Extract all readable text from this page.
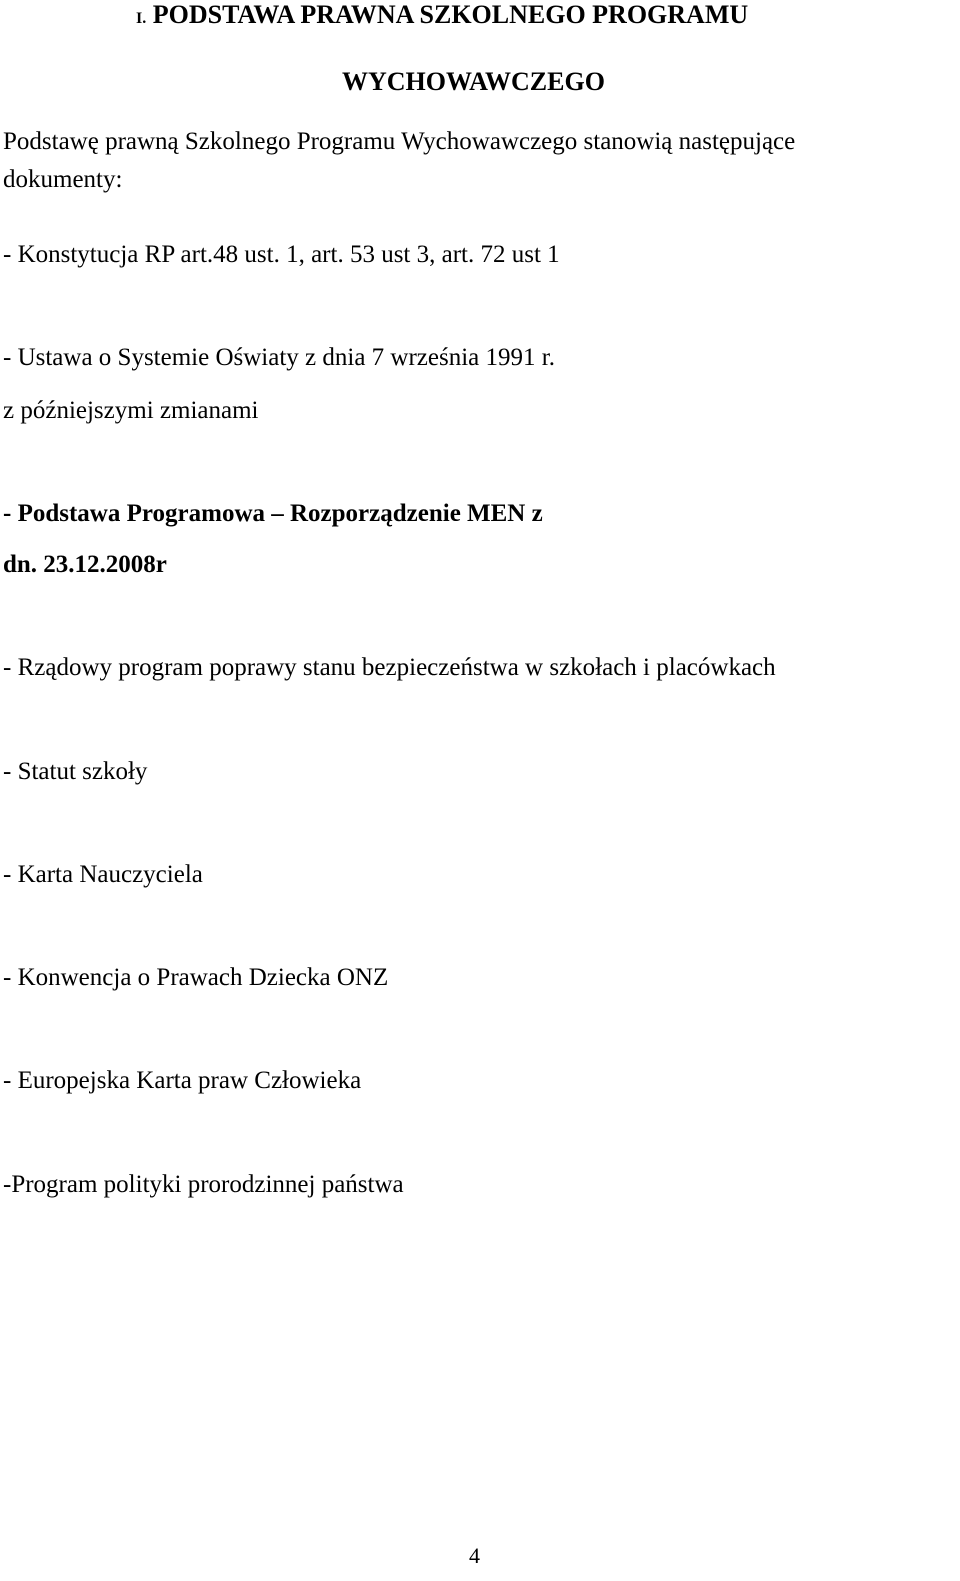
I. PODSTAWA PRAWNA SZKOLNEGO PROGRAMU
WYCHOWAWCZEGO
Podstawę prawną Szkolnego Programu Wychowawczego stanowią następujące
dokumenty:
- Konstytucja RP art.48 ust. 1, art. 53 ust 3, art. 72 ust 1
- Ustawa o Systemie Oświaty z dnia 7 września 1991 r.
z późniejszymi zmianami
- Podstawa Programowa – Rozporządzenie MEN z
dn. 23.12.2008r
- Rządowy program poprawy stanu bezpieczeństwa w szkołach i placówkach
- Statut szkoły
- Karta Nauczyciela
- Konwencja o Prawach Dziecka ONZ
- Europejska Karta praw Człowieka
-Program polityki prorodzinnej państwa
4
